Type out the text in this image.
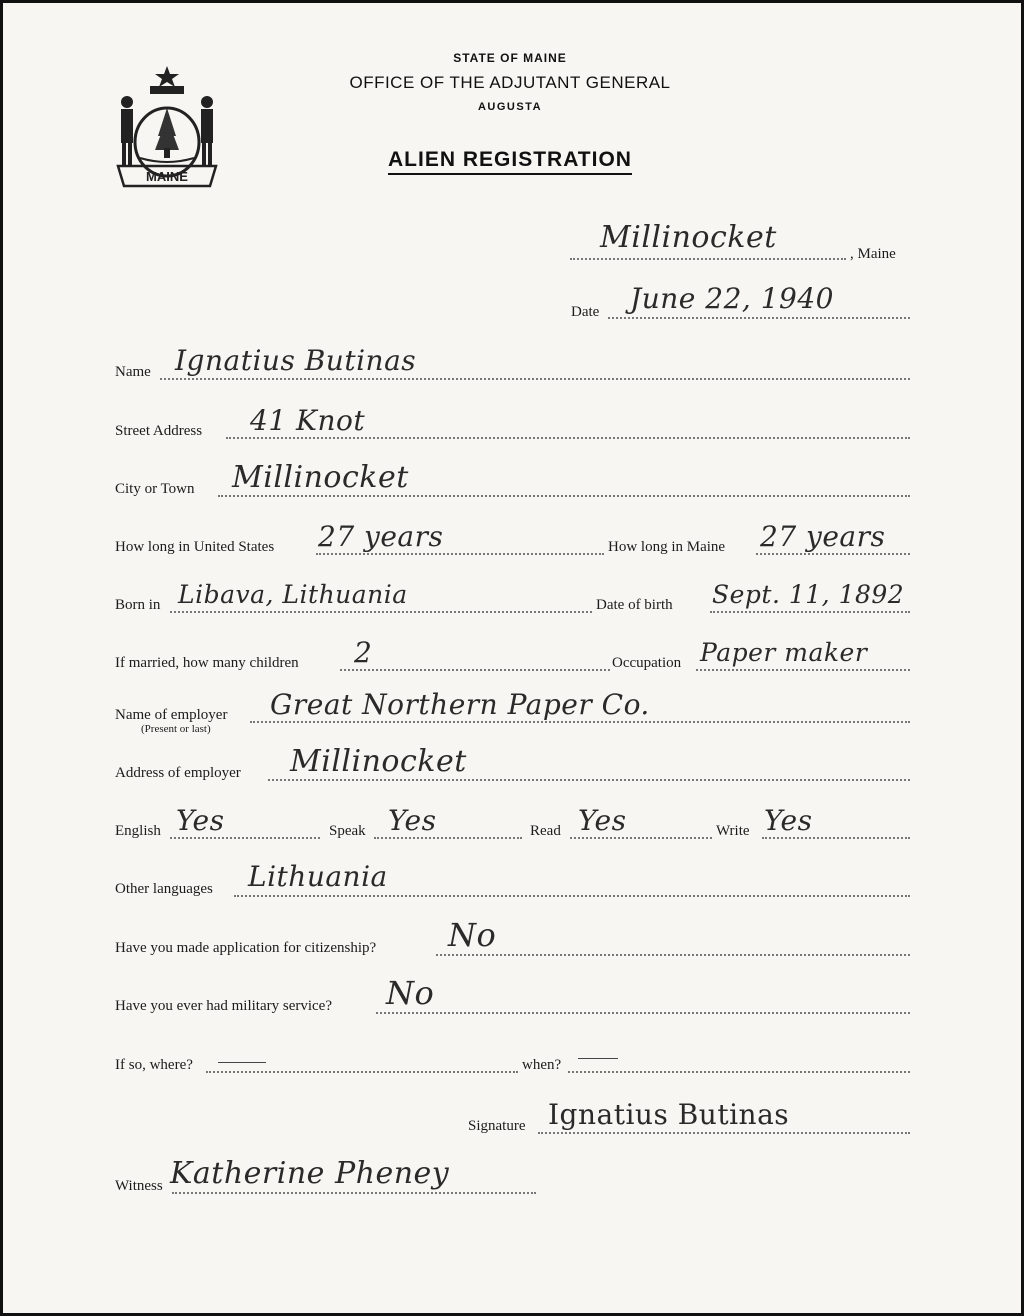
MAINE
STATE OF MAINE
OFFICE OF THE ADJUTANT GENERAL
AUGUSTA
ALIEN REGISTRATION
Millinocket	, Maine
Date June 22, 1940
Name Ignatius Butinas
Street Address 41 Knot
City or Town Millinocket
How long in United States 27 years	How long in Maine 27 years
Born in Libava, Lithuania	Date of birth Sept. 11, 1892
If married, how many children 2	Occupation Paper maker
Name of employer
(Present or last)
Great Northern Paper Co.
Address of employer Millinocket
English Yes	Speak Yes	Read Yes	Write Yes
Other languages Lithuania
Have you made application for citizenship? No
Have you ever had military service? No
If so, where?	when?
Signature Ignatius Butinas
Witness Katherine Pheney
